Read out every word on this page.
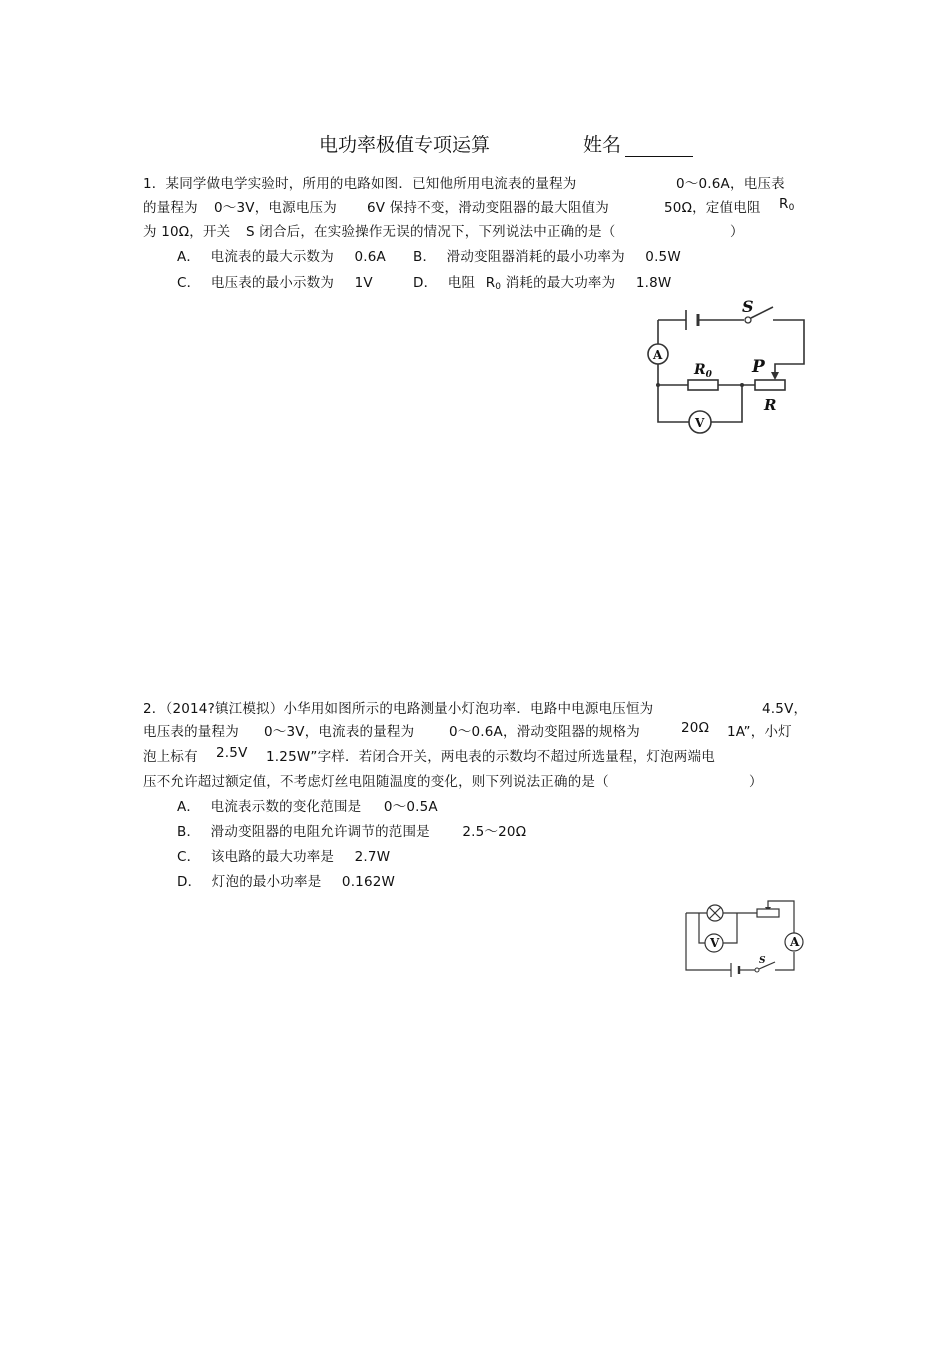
电功率极值专项运算	姓名
1．某同学做电学实验时，所用的电路如图．已知他所用电流表的量程为	0～0.6A，电压表
的量程为 0～3V，电源电压为 6V 保持不变，滑动变阻器的最大阻值为	50Ω，定值电阻 $R_0$
为 10Ω，开关 S 闭合后，在实验操作无误的情况下，下列说法中正确的是（	）
A． 电流表的最大示数为 0.6A B． 滑动变阻器消耗的最小功率为 0.5W
C． 电压表的最小示数为 1V	D． 电阻 $R_0$ 消耗的最大功率为 1.8W
S
A
$R_0$ P
R
V
2．（2014?镇江模拟）小华用如图所示的电路测量小灯泡功率．电路中电源电压恒为	4.5V，
电压表的量程为 0～3V，电流表的量程为	0～0.6A，滑动变阻器的规格为	20Ω 1A”，小灯
泡上标有 2.5V 1.25W”字样．若闭合开关，两电表的示数均不超过所选量程，灯泡两端电
压不允许超过额定值，不考虑灯丝电阻随温度的变化，则下列说法正确的是（	）
A． 电流表示数的变化范围是 0～0.5A
B． 滑动变阻器的电阻允许调节的范围是 2.5～20Ω
C． 该电路的最大功率是 2.7W
D． 灯泡的最小功率是 0.162W
S
A
V
